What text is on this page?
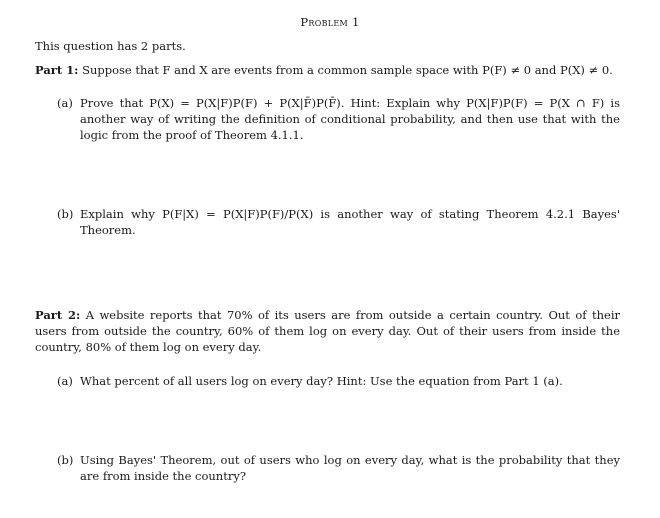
Problem 1
This question has 2 parts.
Part 1: Suppose that F and X are events from a common sample space with P(F) ≠ 0 and P(X) ≠ 0.
(a) Prove that P(X) = P(X|F)P(F) + P(X|F̄)P(F̄). Hint: Explain why P(X|F)P(F) = P(X ∩ F) is another way of writing the definition of conditional probability, and then use that with the logic from the proof of Theorem 4.1.1.
(b) Explain why P(F|X) = P(X|F)P(F)/P(X) is another way of stating Theorem 4.2.1 Bayes' Theorem.
Part 2: A website reports that 70% of its users are from outside a certain country. Out of their users from outside the country, 60% of them log on every day. Out of their users from inside the country, 80% of them log on every day.
(a) What percent of all users log on every day? Hint: Use the equation from Part 1 (a).
(b) Using Bayes' Theorem, out of users who log on every day, what is the probability that they are from inside the country?
